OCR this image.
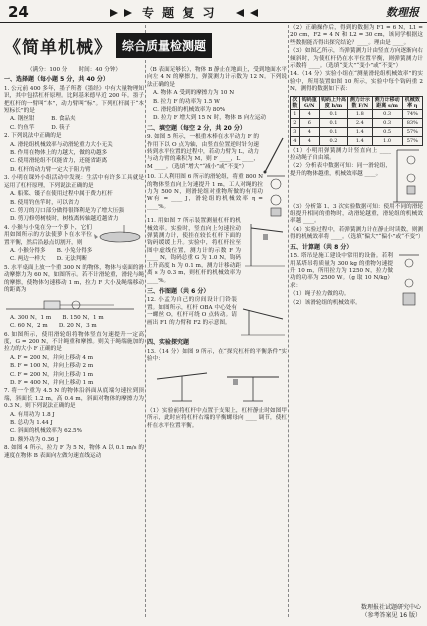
24	专 题 复 习	数理报
《简单机械》 综合质量检测题
（满分：100 分　　时间：40 分钟）
一、选择题（每小题 5 分，共 40 分）

1. 公元前 400 多年，墨子所著《墨经》中有大量物理知识，其中包括杠杆原理。比阿基米德早近 200 年。墨子把杠杆的一臂叫“本”，动力臂叫“标”。下列杠杆属于“本短标长”的是

A. 钢丝钳　　　B. 食品夹

C. 钓鱼竿　　　D. 筷子

2. 下列说法中正确的是

A. 滑轮组机械效率与动滑轮重力大小无关

B. 作用在物体上的力越大，做的功越多

C. 使用滑轮组不仅能省力，还能省距离

D. 杠杆的动力臂一定大于阻力臂

3. 小明在课外小组活动中发现：生活中有许多工具就是运用了杠杆原理，下列说法正确的是

A. 船桨、镊子在使用过程中属于费力杠杆

B. 使用钓鱼竿时，可以省力

C. 剪刀的刀口部分做得很锋利是为了增大压强

D. 剪刀修剪树枝时，树枝离转轴越近越省力

4. 小猴与小兔在分一个萝卜，它们用如图所示的方法使萝卜在水平位置平衡，然后沿悬点切割开，则

A. 小猴分得多　　B. 小兔分得多

C. 两边一样大　　D. 无法判断

5. 水平桌面上放一个重 300 N 的物体，物体与桌面的滑动摩擦力为 60 N，如图所示。若不计滑轮重，滑轮与绳的摩擦，使物体匀速移动 1 m，拉力 F 大小及绳端移动的距离为

A. 300 N，1 m　　B. 150 N，1 m

C. 60 N，2 m　　D. 20 N，3 m

6. 如图所示，使用滑轮组将物体竖直匀速提升一定高度，G = 200 N，不计绳重和摩擦。则关于绳端施加的拉力的大小 F 正确的是

A. F = 200 N，并向上移动 4 m

B. F = 100 N，并向上移动 2 m

C. F = 200 N，并向上移动 1 m

D. F = 400 N，并向上移动 1 m

7. 将一个重为 4.5 N 的物体沿斜面从底端匀速拉到顶端，斜面长 1.2 m，高 0.4 m，斜面对物体的摩擦力为 0.3 N。则下列说法正确的是

A. 有用功为 1.8 J

B. 总功为 1.44 J

C. 斜面的机械效率为 62.5%

D. 额外功为 0.36 J

8. 如图 4 所示，拉力 F 为 5 N，物体 A 以 0.1 m/s 的速度在物体 B 表面向左做匀速直线运动

（B 表面足够长），物体 B 静止在地面上，受到地面水平向左 4 N 的摩擦力，弹簧测力计示数为 12 N。下列说法正确的是

A. 物体 A 受到的摩擦力为 10 N

B. 拉力 F 的功率为 1.5 W

C. 滑轮组的机械效率为 80%

D. 拉力 F 增大到 15 N 时，物体 B 向左运动

二、填空题（每空 2 分，共 20 分）

9. 如图 5 所示，一根重木棒在水平动力 F 的作用下以 O 点为轴，由竖直位置逆时针匀速转到水平位置的过程中，若动力臂为 L，动力与动力臂的乘积为 M，则 F ____，L ____，M ____。（选填“增大”“减小”或“不变”）

10. 工人利用图 6 所示的滑轮组，将重 800 N 的物体竖直向上匀速提升 1 m，工人对绳的拉力为 500 N，则滑轮组对重物所做的有用功 W有 = ____ J，滑轮组的机械效率 η = ____%。

11. 用如图 7 所示装置测量杠杆的机械效率。实验时，竖直向上匀速拉动弹簧测力计，使挂在较长杠杆下面的钩码缓缓上升。实验中，将杠杆拉至图中虚线位置，测力计的示数 F 为 ____ N，钩码总重 G 为 1.0 N，钩码上升高度 h 为 0.1 m，测力计移动距离 s 为 0.3 m，则杠杆的机械效率为 ____%。

三、作图题（共 6 分）

12. 小孟为自己的房间设计门铃装置。如图所示，杠杆 OBA 中心处有一螺丝 O，杠杆可绕 O 点转动。请画出 F1 的力臂和 F2 的示意图。

四、实验探究题

13.（14 分）如图 9 所示，在“探究杠杆的平衡条件”实验中：

（1）实验前将杠杆中点置于支架上，杠杆静止时如图甲所示，此时应将杠杆右端的平衡螺母向 ____ 调节，使杠杆在水平位置平衡。

（2）正确操作后，得到的数据为 F1 = 6 N，L1 = 20 cm，F2 = 4 N 和 L2 = 30 cm，该同学根据这些数据能否得出探究结论？____。理由是 ____。

（3）如图乙所示，当弹簧测力计由竖直方向逐渐向右倾斜时，为使杠杆仍在水平位置平衡，则弹簧测力计示数将 ____。（选填“变大”“变小”或“不变”）

14.（14 分）实验小组在“测量滑轮组机械效率”的实验中，所用装置如图 10 所示，实验中每个钩码重 2 N，测得的数据如下表：

次数	钩码重 G/N	钩码上升高度 h/m	测力计示数 F/N	测力计移动距离 s/m	机械效率 η
1	4	0.1	1.8	0.3	74%
2	6	0.1	2.4	0.3	83%
3	4	0.1	1.4	0.5	57%
4	4	0.2	1.4	1.0	57%

（1）小明用弹簧测力计竖直向上 ____ 拉动绳子自由端。

（2）分析表中数据可知：同一滑轮组，提升的物体越重，机械效率越 ____。

（3）分析第 1、3 次实验数据可知：使用不同的滑轮组提升相同的重物时，动滑轮越重，滑轮组的机械效率越 ____。

（4）实验过程中，若弹簧测力计在静止时读数，则测得的机械效率将 ____。（选填“偏大”“偏小”或“不变”）

五、计算题（共 8 分）

15. 塔吊是施工建设中常用的设备。若利用某塔吊将质量为 300 kg 的重物匀速提升 10 m，所用拉力为 1250 N，拉力做功的功率为 2500 W。（g 取 10 N/kg）求：

（1）绳子拉力做的功。

（2）该滑轮组的机械效率。

数理报社试题研究中心
（参考答案见 16 版）
